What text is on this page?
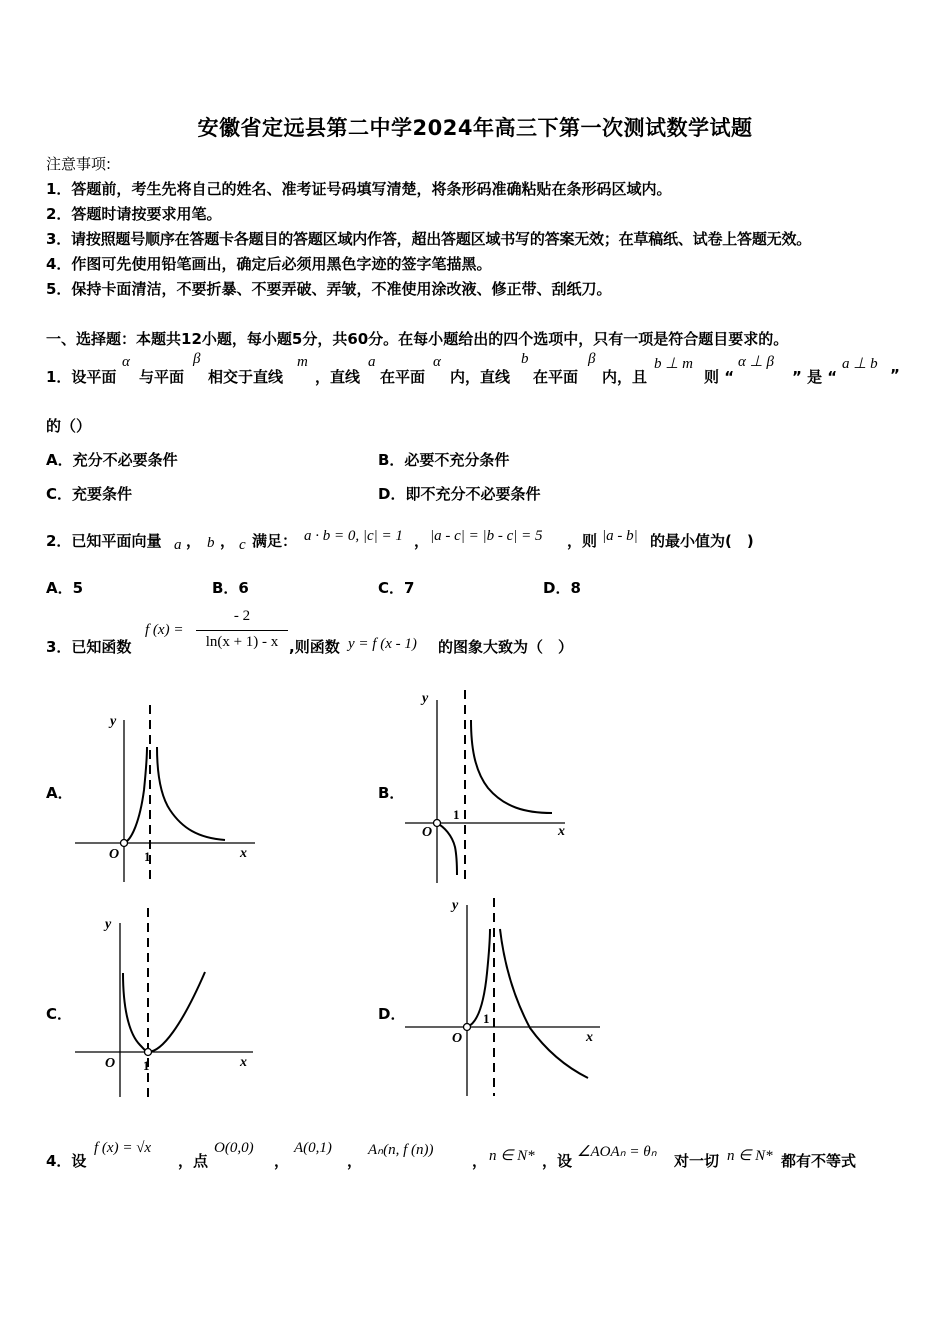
安徽省定远县第二中学2024年高三下第一次测试数学试题
注意事项:
1．答题前，考生先将自己的姓名、准考证号码填写清楚，将条形码准确粘贴在条形码区域内。
2．答题时请按要求用笔。
3．请按照题号顺序在答题卡各题目的答题区域内作答，超出答题区域书写的答案无效；在草稿纸、试卷上答题无效。
4．作图可先使用铅笔画出，确定后必须用黑色字迹的签字笔描黑。
5．保持卡面清洁，不要折暴、不要弄破、弄皱，不准使用涂改液、修正带、刮纸刀。
一、选择题：本题共12小题，每小题5分，共60分。在每小题给出的四个选项中，只有一项是符合题目要求的。
1．设平面
α
与平面
β
相交于直线
m
，直线
a
在平面
α
内，直线
b
在平面
β
内，且
b ⊥ m
则 “
α ⊥ β
” 是 “
a ⊥ b
”
的（）
A．充分不必要条件	B．必要不充分条件
C．充要条件	D．即不充分不必要条件
2．已知平面向量 a ， b ， c 满足： a · b = 0, |c| = 1 ， |a - c| = |b - c| = 5 ，则 |a - b| 的最小值为(　)
A．5	B．6	C．7	D．8
3．已知函数
f (x) =
- 2
ln(x + 1) - x ,则函数 y = f (x - 1) 的图象大致为（　）
A．	B．
C．	D．
y
x
O 1
y
x
O
1
y
x
O 1
y
x
O
1
4．设
f (x) = √x
，点
O(0,0)
，
A(0,1)
，
Aₙ(n, f (n))
， n ∈ N* ，设 ∠AOAₙ = θₙ 对一切 n ∈ N* 都有不等式
